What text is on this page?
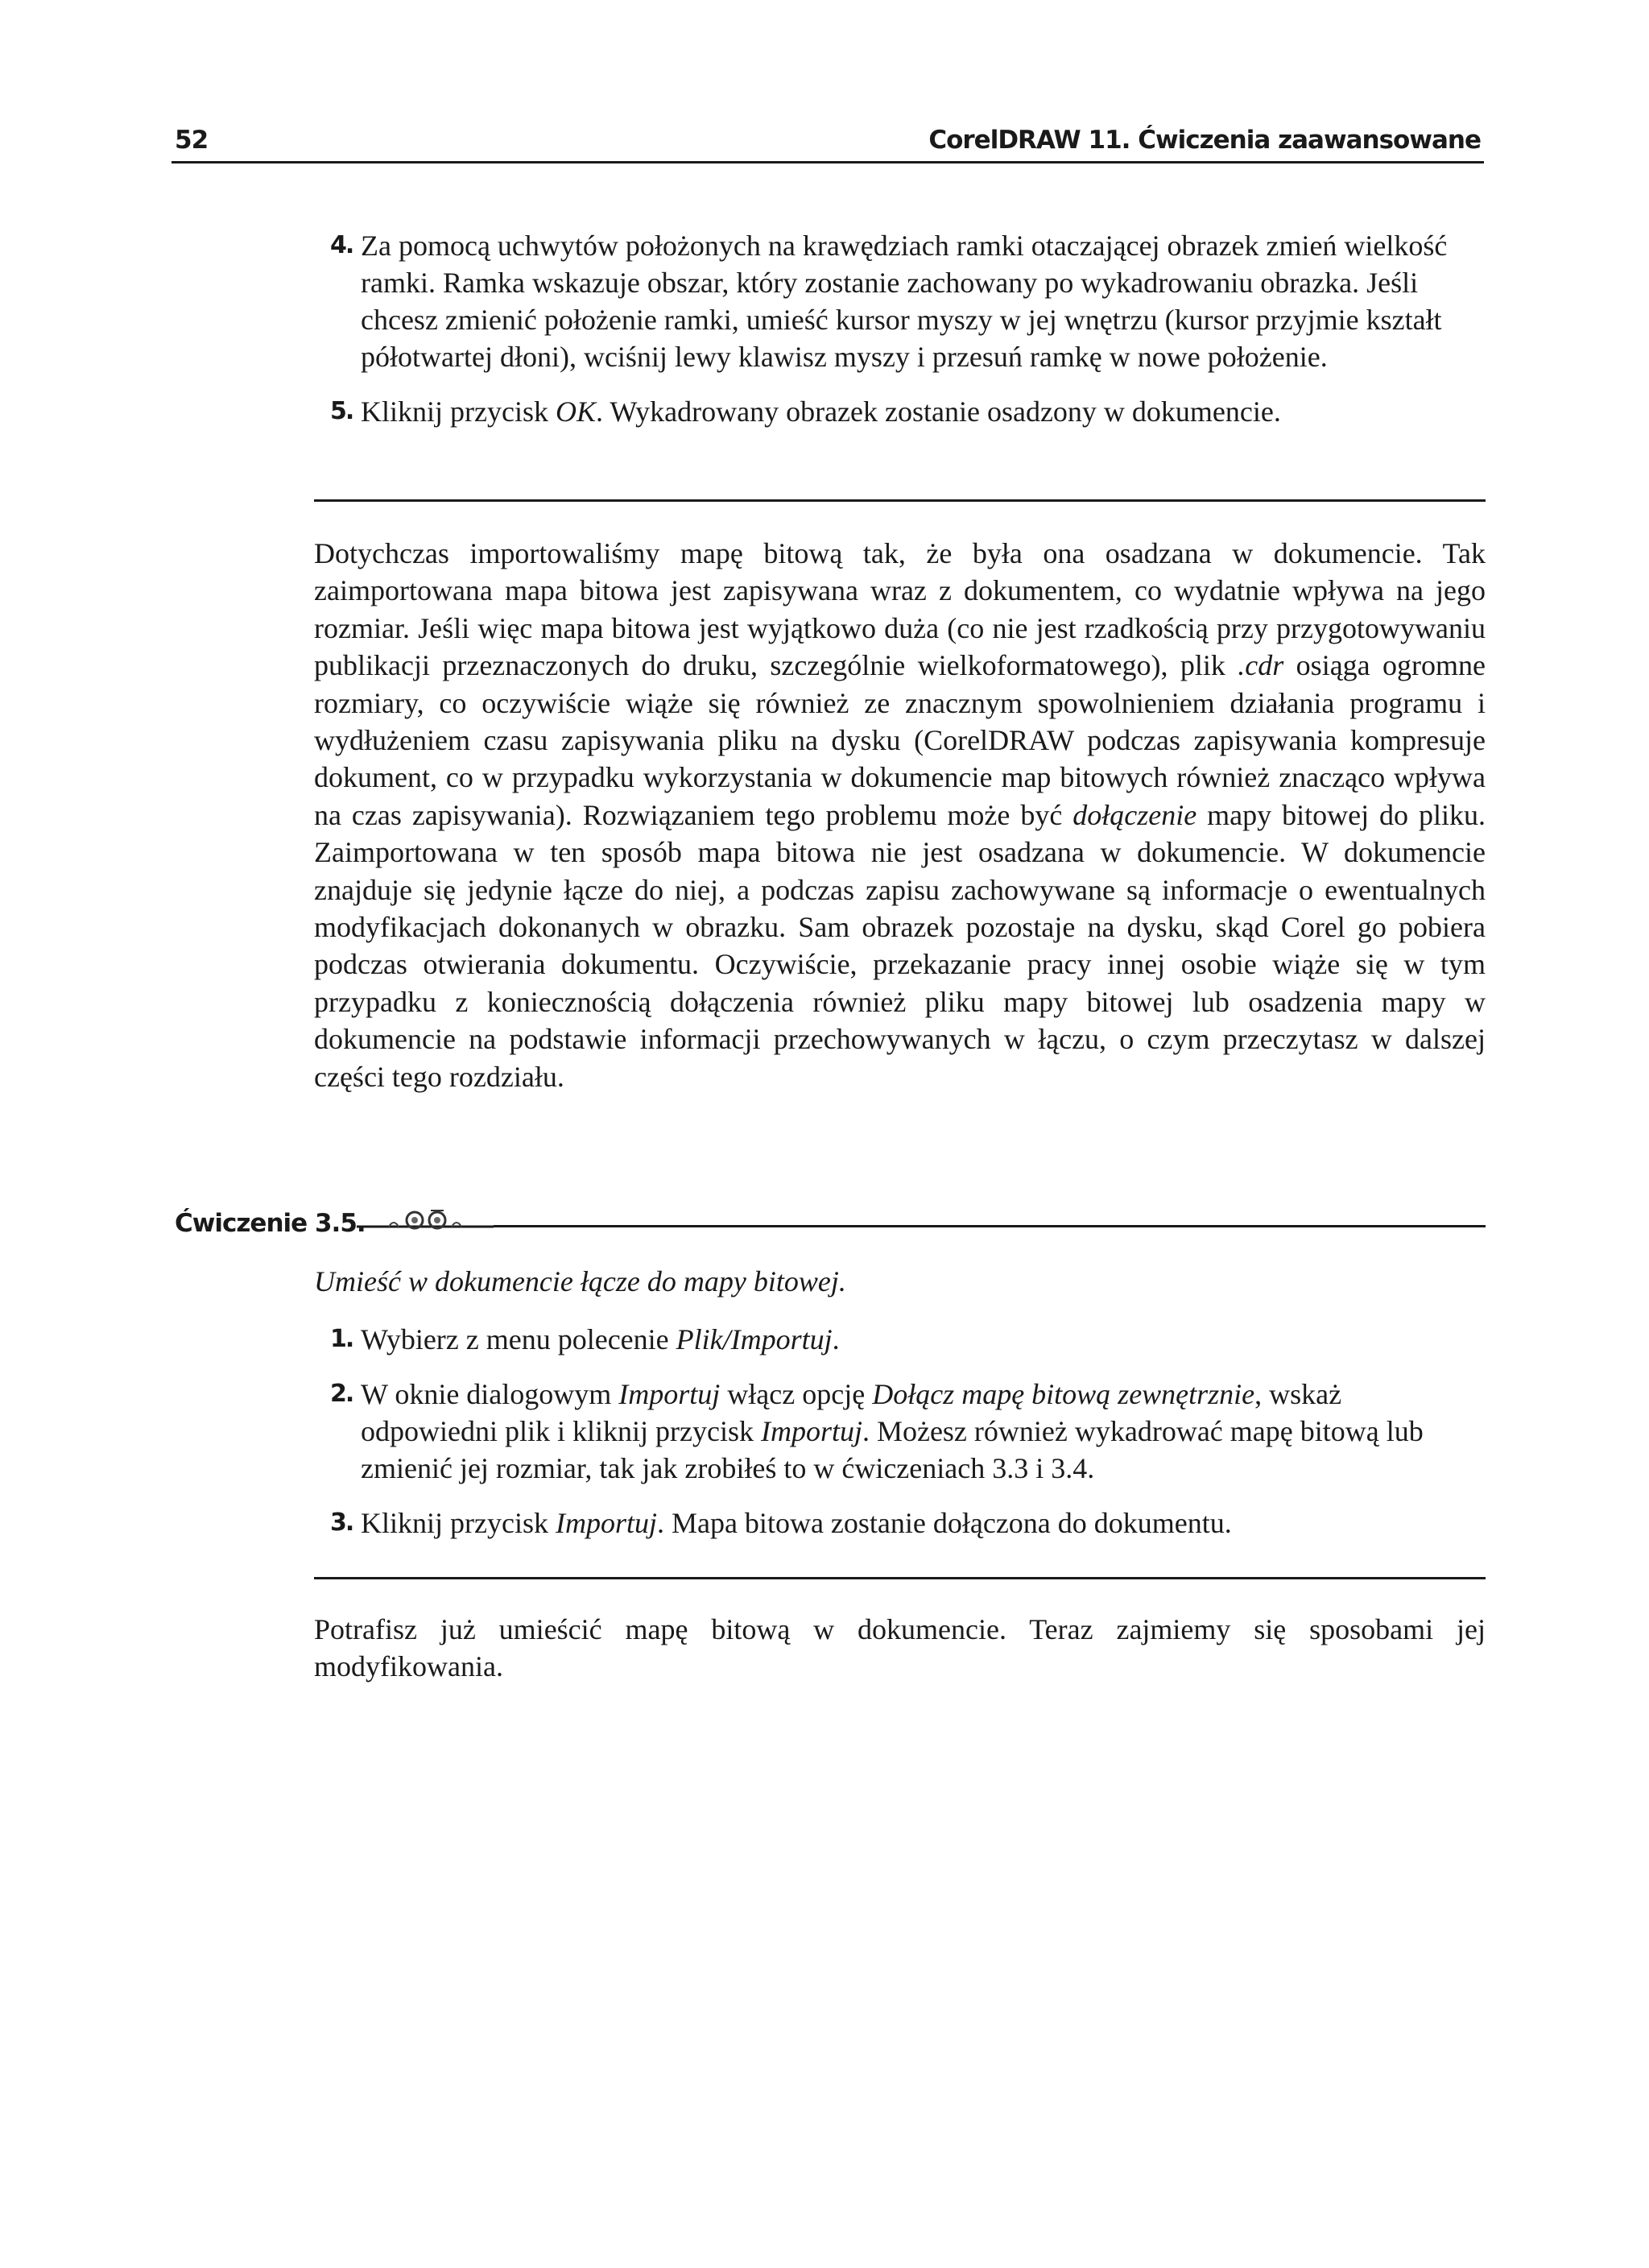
52	CorelDRAW 11. Ćwiczenia zaawansowane
4. Za pomocą uchwytów położonych na krawędziach ramki otaczającej obrazek zmień wielkość ramki. Ramka wskazuje obszar, który zostanie zachowany po wykadrowaniu obrazka. Jeśli chcesz zmienić położenie ramki, umieść kursor myszy w jej wnętrzu (kursor przyjmie kształt półotwartej dłoni), wciśnij lewy klawisz myszy i przesuń ramkę w nowe położenie.
5. Kliknij przycisk OK. Wykadrowany obrazek zostanie osadzony w dokumencie.
Dotychczas importowaliśmy mapę bitową tak, że była ona osadzana w dokumencie. Tak zaimportowana mapa bitowa jest zapisywana wraz z dokumentem, co wydatnie wpływa na jego rozmiar. Jeśli więc mapa bitowa jest wyjątkowo duża (co nie jest rzadkością przy przygotowywaniu publikacji przeznaczonych do druku, szczególnie wielkoformatowego), plik .cdr osiąga ogromne rozmiary, co oczywiście wiąże się również ze znacznym spowolnieniem działania programu i wydłużeniem czasu zapisywania pliku na dysku (CorelDRAW podczas zapisywania kompresuje dokument, co w przypadku wykorzystania w dokumencie map bitowych również znacząco wpływa na czas zapisywania). Rozwiązaniem tego problemu może być dołączenie mapy bitowej do pliku. Zaimportowana w ten sposób mapa bitowa nie jest osadzana w dokumencie. W dokumencie znajduje się jedynie łącze do niej, a podczas zapisu zachowywane są informacje o ewentualnych modyfikacjach dokonanych w obrazku. Sam obrazek pozostaje na dysku, skąd Corel go pobiera podczas otwierania dokumentu. Oczywiście, przekazanie pracy innej osobie wiąże się w tym przypadku z koniecznością dołączenia również pliku mapy bitowej lub osadzenia mapy w dokumencie na podstawie informacji przechowywanych w łączu, o czym przeczytasz w dalszej części tego rozdziału.
Ćwiczenie 3.5.
Umieść w dokumencie łącze do mapy bitowej.
1. Wybierz z menu polecenie Plik/Importuj.
2. W oknie dialogowym Importuj włącz opcję Dołącz mapę bitową zewnętrznie, wskaż odpowiedni plik i kliknij przycisk Importuj. Możesz również wykadrować mapę bitową lub zmienić jej rozmiar, tak jak zrobiłeś to w ćwiczeniach 3.3 i 3.4.
3. Kliknij przycisk Importuj. Mapa bitowa zostanie dołączona do dokumentu.
Potrafisz już umieścić mapę bitową w dokumencie. Teraz zajmiemy się sposobami jej modyfikowania.
